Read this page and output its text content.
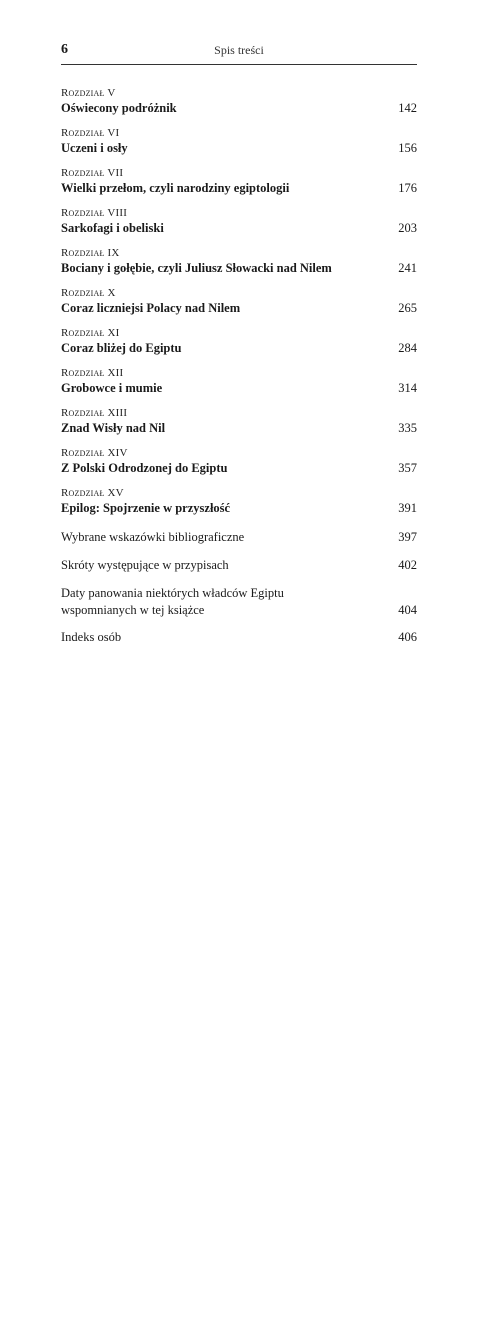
6	Spis treści
Rozdział V
Oświecony podróżnik	142
Rozdział VI
Uczeni i osły	156
Rozdział VII
Wielki przełom, czyli narodziny egiptologii	176
Rozdział VIII
Sarkofagi i obeliski	203
Rozdział IX
Bociany i gołębie, czyli Juliusz Słowacki nad Nilem	241
Rozdział X
Coraz liczniejsi Polacy nad Nilem	265
Rozdział XI
Coraz bliżej do Egiptu	284
Rozdział XII
Grobowce i mumie	314
Rozdział XIII
Znad Wisły nad Nil	335
Rozdział XIV
Z Polski Odrodzonej do Egiptu	357
Rozdział XV
Epilog: Spojrzenie w przyszłość	391
Wybrane wskazówki bibliograficzne	397
Skróty występujące w przypisach	402
Daty panowania niektórych władców Egiptu
wspomnianych w tej książce	404
Indeks osób	406
